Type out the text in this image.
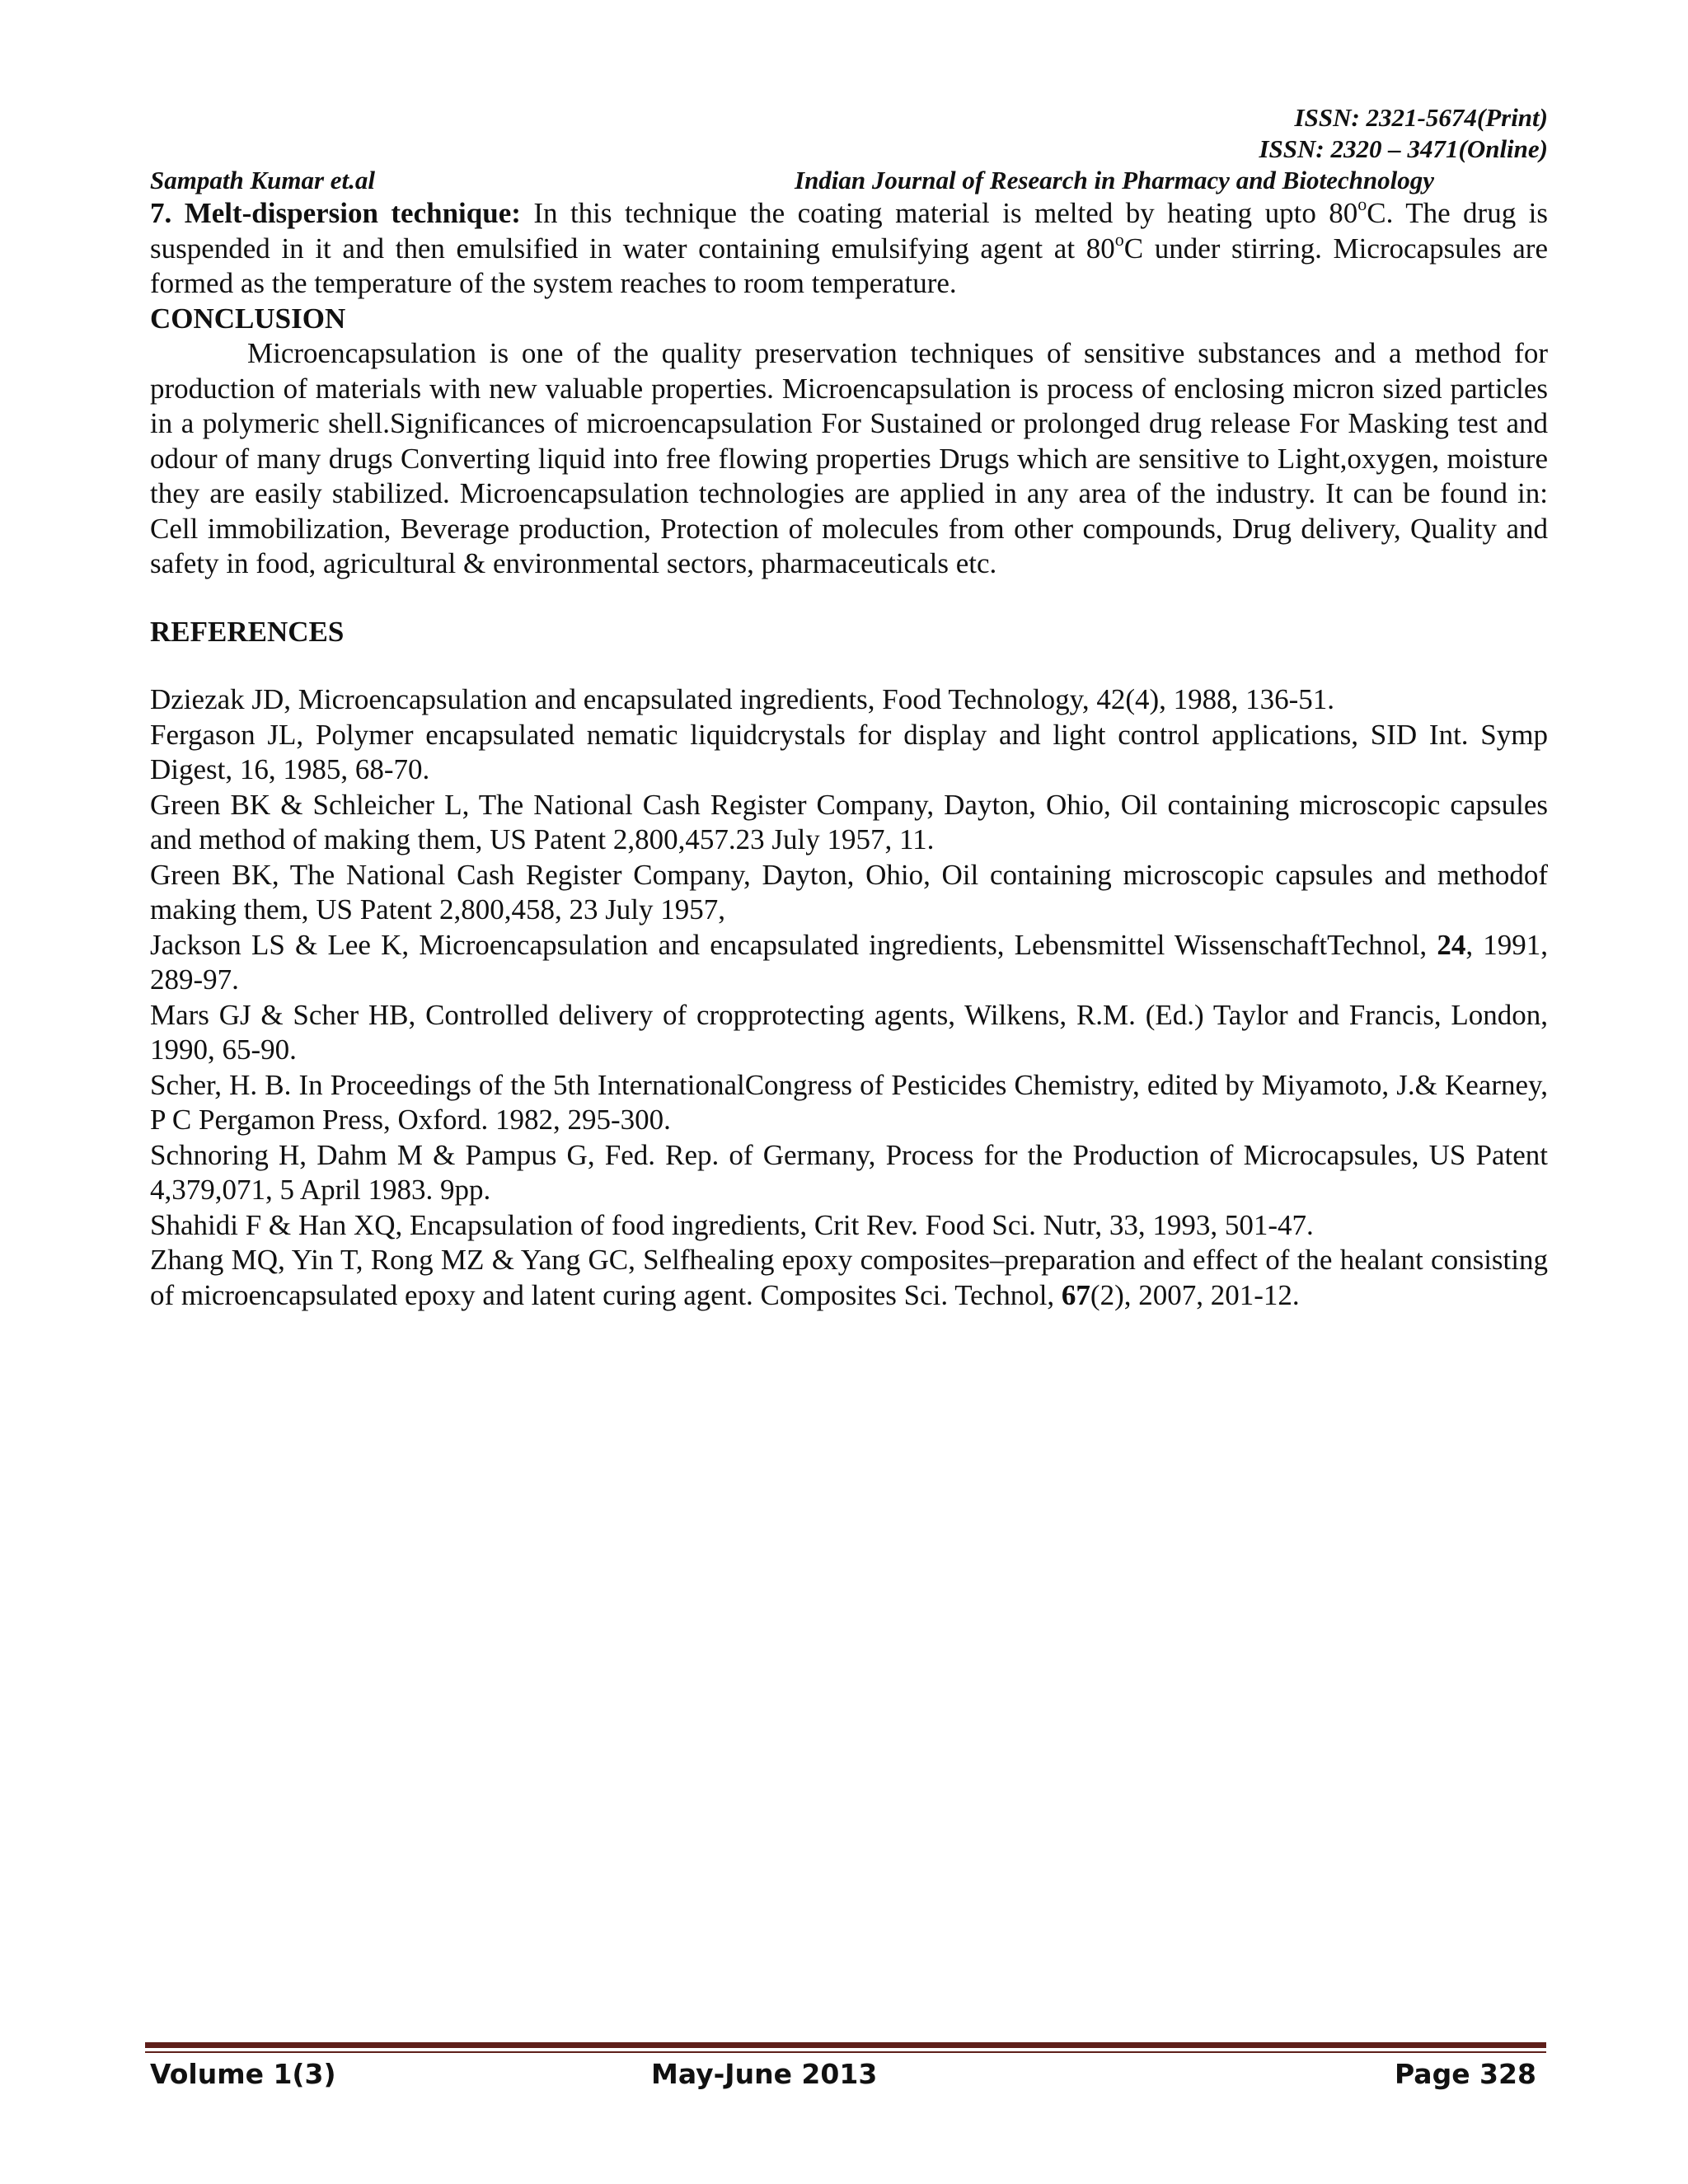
ISSN: 2321-5674(Print)
ISSN: 2320 – 3471(Online)
Sampath Kumar et.al	Indian Journal of Research in Pharmacy and Biotechnology

7. Melt-dispersion technique: In this technique the coating material is melted by heating upto 80$^o$C. The drug is suspended in it and then emulsified in water containing emulsifying agent at 80$^o$C under stirring. Microcapsules are formed as the temperature of the system reaches to room temperature.

CONCLUSION

Microencapsulation is one of the quality preservation techniques of sensitive substances and a method for production of materials with new valuable properties. Microencapsulation is process of enclosing micron sized particles in a polymeric shell.Significances of microencapsulation For Sustained or prolonged drug release For Masking test and odour of many drugs Converting liquid into free flowing properties Drugs which are sensitive to Light,oxygen, moisture they are easily stabilized. Microencapsulation technologies are applied in any area of the industry. It can be found in: Cell immobilization, Beverage production, Protection of molecules from other compounds, Drug delivery, Quality and safety in food, agricultural & environmental sectors, pharmaceuticals etc.

REFERENCES

Dziezak JD, Microencapsulation and encapsulated ingredients, Food Technology, 42(4), 1988, 136-51.

Fergason JL, Polymer encapsulated nematic liquidcrystals for display and light control applications, SID Int. Symp Digest, 16, 1985, 68-70.

Green BK & Schleicher L, The National Cash Register Company, Dayton, Ohio, Oil containing microscopic capsules and method of making them, US Patent 2,800,457.23 July 1957, 11.

Green BK, The National Cash Register Company, Dayton, Ohio, Oil containing microscopic capsules and methodof making them, US Patent 2,800,458, 23 July 1957,

Jackson LS & Lee K, Microencapsulation and encapsulated ingredients, Lebensmittel WissenschaftTechnol, 24, 1991, 289-97.

Mars GJ & Scher HB, Controlled delivery of cropprotecting agents, Wilkens, R.M. (Ed.) Taylor and Francis, London, 1990, 65-90.

Scher, H. B. In Proceedings of the 5th InternationalCongress of Pesticides Chemistry, edited by Miyamoto, J.& Kearney, P C Pergamon Press, Oxford. 1982, 295-300.

Schnoring H, Dahm M & Pampus G, Fed. Rep. of Germany, Process for the Production of Microcapsules, US Patent 4,379,071, 5 April 1983. 9pp.

Shahidi F & Han XQ, Encapsulation of food ingredients, Crit Rev. Food Sci. Nutr, 33, 1993, 501-47.

Zhang MQ, Yin T, Rong MZ & Yang GC, Selfhealing epoxy composites–preparation and effect of the healant consisting of microencapsulated epoxy and latent curing agent. Composites Sci. Technol, 67(2), 2007, 201-12.

Volume 1(3)	May-June 2013	Page 328
